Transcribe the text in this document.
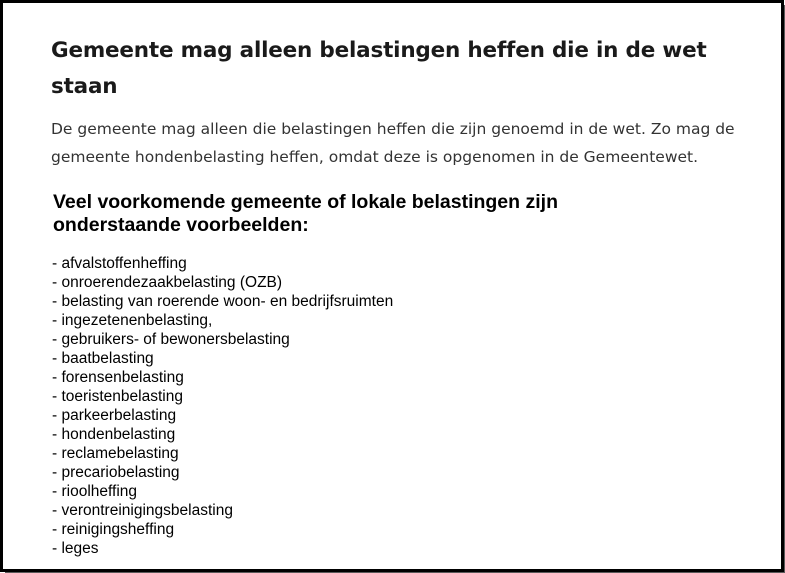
Gemeente mag alleen belastingen heffen die in de wet staan

De gemeente mag alleen die belastingen heffen die zijn genoemd in de wet. Zo mag de gemeente hondenbelasting heffen, omdat deze is opgenomen in de Gemeentewet.

Veel voorkomende gemeente of lokale belastingen zijn onderstaande voorbeelden:
- afvalstoffenheffing
- onroerendezaakbelasting (OZB)
- belasting van roerende woon- en bedrijfsruimten
- ingezetenenbelasting,
- gebruikers- of bewonersbelasting
- baatbelasting
- forensenbelasting
- toeristenbelasting
- parkeerbelasting
- hondenbelasting
- reclamebelasting
- precariobelasting
- rioolheffing
- verontreinigingsbelasting
- reinigingsheffing
- leges
